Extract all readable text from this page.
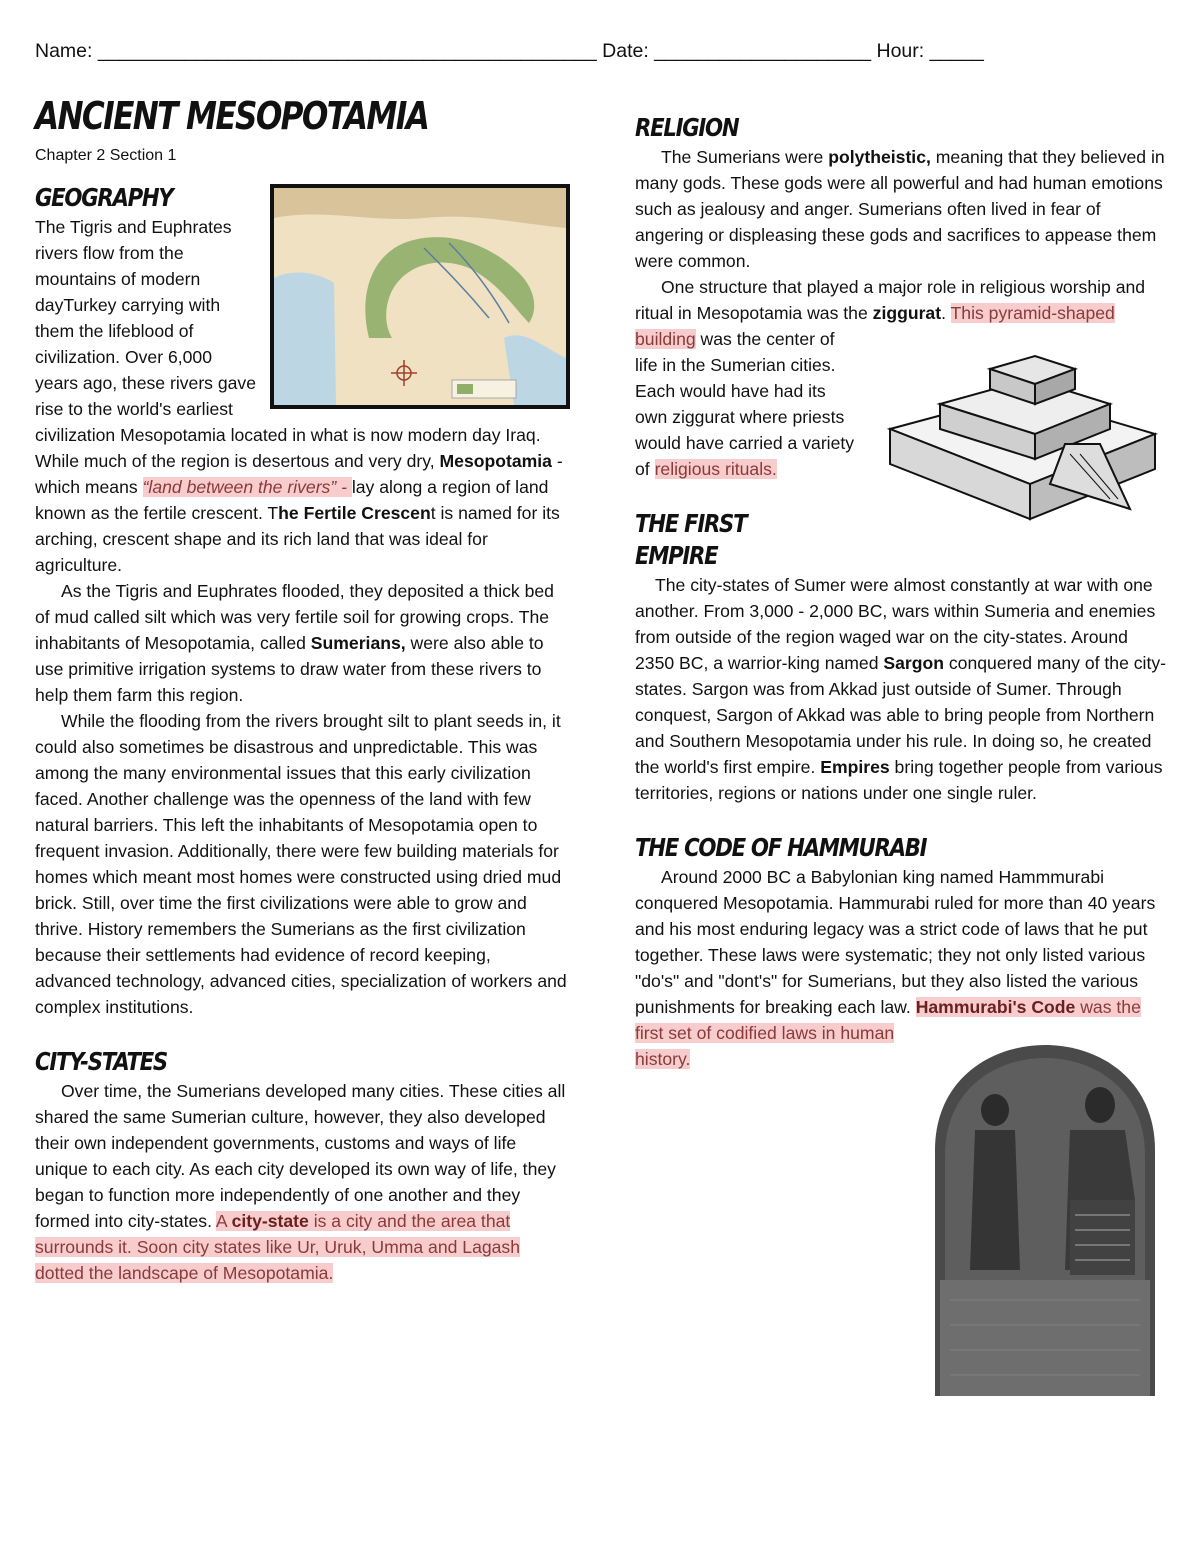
Name: ______________________________________________ Date: ____________________ Hour: _____
ANCIENT MESOPOTAMIA
Chapter 2 Section 1
GEOGRAPHY

The Tigris and Euphrates rivers flow from the mountains of modern dayTurkey carrying with them the lifeblood of civilization. Over 6,000 years ago, these rivers gave rise to the world's earliest civilization Mesopotamia located in what is now modern day Iraq. While much of the region is desertous and very dry, Mesopotamia - which means “land between the rivers” - lay along a region of land known as the fertile crescent. The Fertile Crescent is named for its arching, crescent shape and its rich land that was ideal for agriculture.

As the Tigris and Euphrates flooded, they deposited a thick bed of mud called silt which was very fertile soil for growing crops. The inhabitants of Mesopotamia, called Sumerians, were also able to use primitive irrigation systems to draw water from these rivers to help them farm this region.

While the flooding from the rivers brought silt to plant seeds in, it could also sometimes be disastrous and unpredictable. This was among the many environmental issues that this early civilization faced. Another challenge was the openness of the land with few natural barriers. This left the inhabitants of Mesopotamia open to frequent invasion. Additionally, there were few building materials for homes which meant most homes were constructed using dried mud brick. Still, over time the first civilizations were able to grow and thrive. History remembers the Sumerians as the first civilization because their settlements had evidence of record keeping, advanced technology, advanced cities, specialization of workers and complex institutions.

CITY-STATES

Over time, the Sumerians developed many cities. These cities all shared the same Sumerian culture, however, they also developed their own independent governments, customs and ways of life unique to each city. As each city developed its own way of life, they began to function more independently of one another and they formed into city-states. A city-state is a city and the area that surrounds it. Soon city states like Ur, Uruk, Umma and Lagash dotted the landscape of Mesopotamia.

RELIGION

The Sumerians were polytheistic, meaning that they believed in many gods. These gods were all powerful and had human emotions such as jealousy and anger. Sumerians often lived in fear of angering or displeasing these gods and sacrifices to appease them were common.

One structure that played a major role in religious worship and ritual in Mesopotamia was the ziggurat. This pyramid-shaped building
was the center of life in the Sumerian cities. Each would have had its own ziggurat where priests would have carried a variety of religious rituals.

THE FIRST EMPIRE

The city-states of Sumer were almost constantly at war with one another. From 3,000 - 2,000 BC, wars within Sumeria and enemies from outside of the region waged war on the city-states. Around 2350 BC, a warrior-king named Sargon conquered many of the city-states. Sargon was from Akkad just outside of Sumer. Through conquest, Sargon of Akkad was able to bring people from Northern and Southern Mesopotamia under his rule. In doing so, he created the world's first empire. Empires bring together people from various territories, regions or nations under one single ruler.

THE CODE OF HAMMURABI

Around 2000 BC a Babylonian king named Hammmurabi conquered Mesopotamia. Hammurabi ruled for more than 40 years and his most enduring legacy was a strict code of laws that he put together. These laws were systematic; they not only listed various "do's" and "dont's" for Sumerians, but they also listed the various punishments for breaking each law.
Hammurabi's Code was the first set of codified laws in human history.
